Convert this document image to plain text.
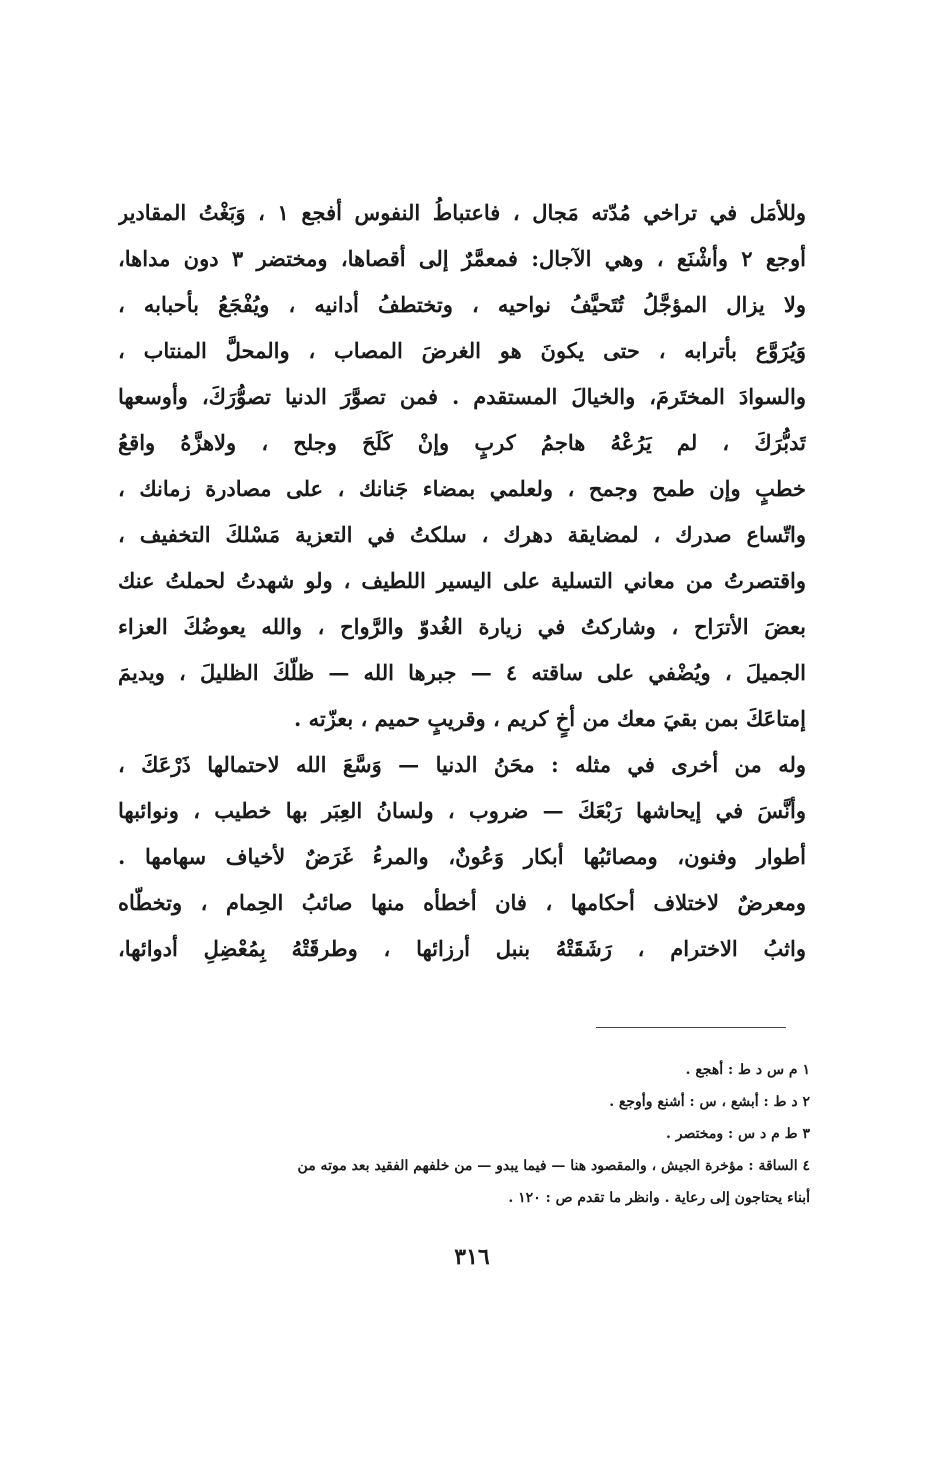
وللأمَل في تراخي مُدّته مَجال ، فاعتباطُ النفوس أفجع ١ ، وَبَغْتُ المقادير
أوجع ٢ وأشْنَع ، وهي الآجال: فمعمَّرٌ إلى أقصاها، ومختضر ٣ دون مداها،
ولا يزال المؤجَّلُ تُتَحيَّفُ نواحيه ، وتختطفُ أدانيه ، ويُفْجَعُ بأحبابه ،
وَيُرَوَّع بأترابه ، حتى يكونَ هو الغرضَ المصاب ، والمحلَّ المنتاب ،
والسوادَ المختَرمَ، والخيالَ المستقدم . فمن تصوَّرَ الدنيا تصوُّرَكَ، وأوسعها
تَدبُّرَكَ ، لم يَرُعْهُ هاجمُ كربٍ وإنْ كَلَحَ وجلح ، ولاهزَّهُ واقعُ
خطبٍ وإن طمح وجمح ، ولعلمي بمضاء جَنانك ، على مصادرة زمانك ،
واتّساع صدرك ، لمضايقة دهرك ، سلكتُ في التعزية مَسْلكَ التخفيف ،
واقتصرتُ من معاني التسلية على اليسير اللطيف ، ولو شهدتُ لحملتُ عنك
بعضَ الأترَاح ، وشاركتُ في زيارة الغُدوّ والرَّواح ، والله يعوضُكَ العزاء
الجميلَ ، ويُضْفي على ساقته ٤ — جبرها الله — ظلّكَ الظليلَ ، ويديمَ
إمتاعَكَ بمن بقيَ معك من أخٍ كريم ، وقريبٍ حميم ، بعزّته .
وله من أخرى في مثله : محَنُ الدنيا — وَسَّعَ الله لاحتمالها ذَرْعَكَ ،
وأنَّسَ في إيحاشها رَبْعَكَ — ضروب ، ولسانُ العِبَر بها خطيب ، ونوائبها
أطوار وفنون، ومصائبُها أبكار وَعُونٌ، والمرءُ غَرَضٌ لأخياف سهامها .
ومعرضٌ لاختلاف أحكامها ، فان أخطأه منها صائبُ الحِمام ، وتخطّاه
واثبُ الاخترام ، رَشَقَتْهُ بنبل أرزائها ، وطرقَتْهُ بِمُعْضِلِ أدوائها،
١ م س د ط : أهجع .
٢ د ط : أبشع ، س : أشنع وأوجع .
٣ ط م د س : ومختصر .
٤ الساقة : مؤخرة الجيش ، والمقصود هنا — فيما يبدو — من خلفهم الفقيد بعد موته من
أبناء يحتاجون إلى رعاية . وانظر ما تقدم ص : ١٢٠ .
٣١٦
